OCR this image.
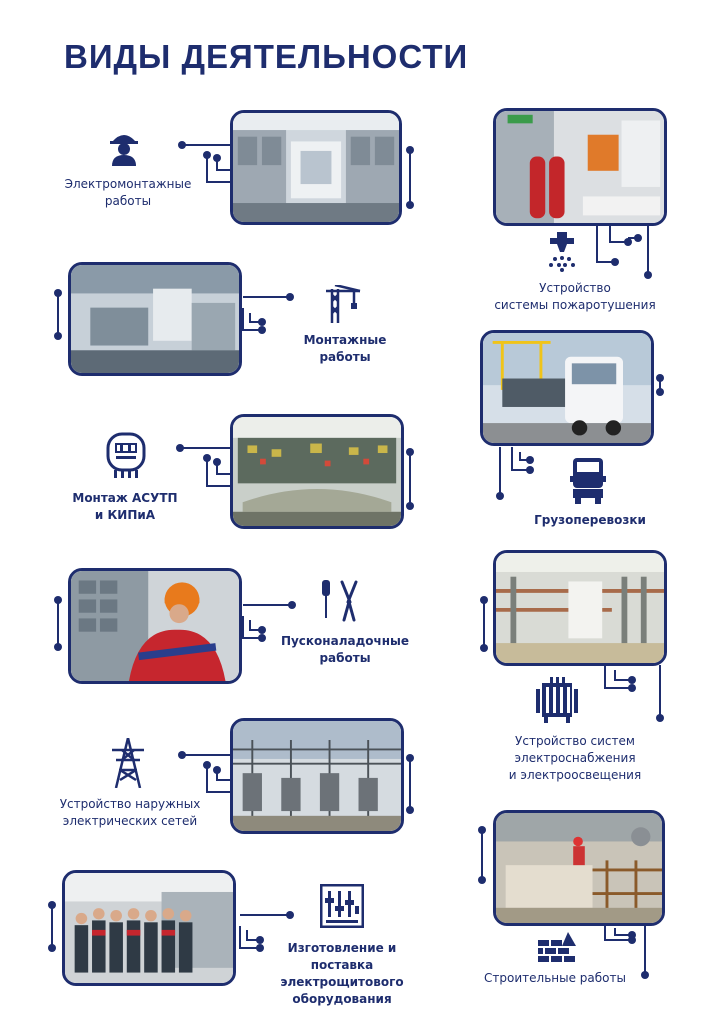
ВИДЫ ДЕЯТЕЛЬНОСТИ
Электромонтажные
работы
Устройство
системы пожаротушения
Монтажные
работы
Грузоперевозки
Монтаж АСУТП
и КИПиА
Пусконаладочные
работы
Устройство систем
электроснабжения
и электроосвещения
Устройство наружных
электрических сетей
Строительные работы
Изготовление и поставка
электрощитового
оборудования
